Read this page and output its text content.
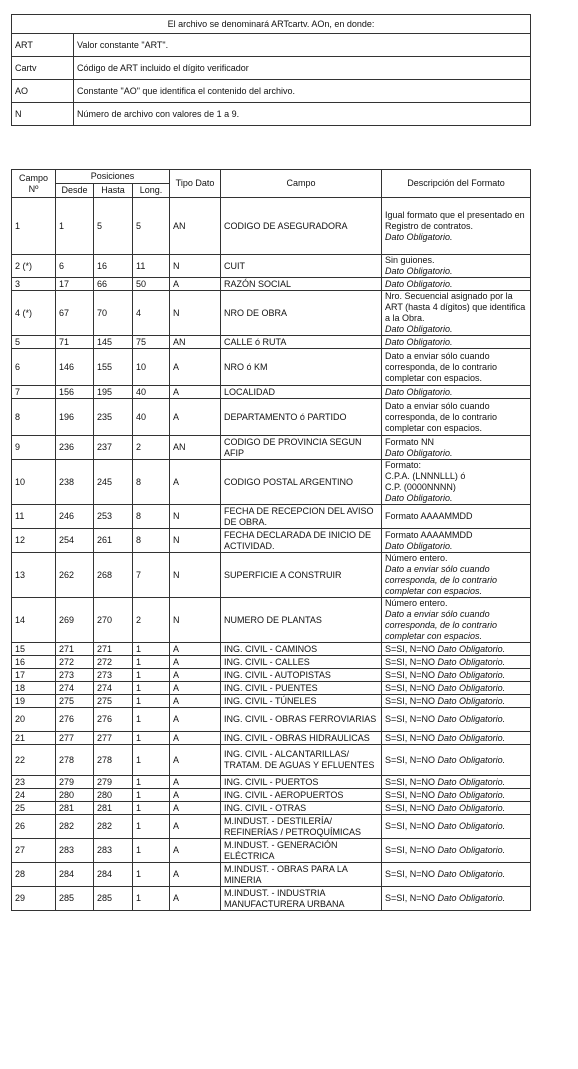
El archivo se denominará ARTcartv. AOn, en donde:	
ART	Valor constante "ART".
Cartv	Código de ART incluido el dígito verificador
AO	Constante "AO" que identifica el contenido del archivo.
N	Número de archivo con valores de 1 a 9.
Campo
Nº	Posiciones			Tipo Dato	Campo	Descripción del Formato
	Desde	Hasta	Long.			
1	1	5	5	AN	CODIGO DE ASEGURADORA	Igual formato que el presentado en Registro de contratos.
Dato Obligatorio.
2 (*)	6	16	11	N	CUIT	Sin guiones.
Dato Obligatorio.
3	17	66	50	A	RAZÓN SOCIAL	Dato Obligatorio.
4 (*)	67	70	4	N	NRO DE OBRA	Nro. Secuencial asignado por la ART (hasta 4 dígitos) que identifica a la Obra.
Dato Obligatorio.
5	71	145	75	AN	CALLE ó RUTA	Dato Obligatorio.
6	146	155	10	A	NRO ó KM	Dato a enviar sólo cuando corresponda, de lo contrario completar con espacios.
7	156	195	40	A	LOCALIDAD	Dato Obligatorio.
8	196	235	40	A	DEPARTAMENTO ó PARTIDO	Dato a enviar sólo cuando corresponda, de lo contrario completar con espacios.
9	236	237	2	AN	CODIGO DE PROVINCIA SEGUN AFIP	Formato NN
Dato Obligatorio.
10	238	245	8	A	CODIGO POSTAL ARGENTINO	Formato:
C.P.A. (LNNNLLL) ó
C.P. (0000NNNN)
Dato Obligatorio.
11	246	253	8	N	FECHA DE RECEPCION DEL AVISO DE OBRA.	Formato AAAAMMDD
12	254	261	8	N	FECHA DECLARADA DE INICIO DE ACTIVIDAD.	Formato AAAAMMDD
Dato Obligatorio.
13	262	268	7	N	SUPERFICIE A CONSTRUIR	Número entero.
Dato a enviar sólo cuando corresponda, de lo contrario completar con espacios.
14	269	270	2	N	NUMERO DE PLANTAS	Número entero.
Dato a enviar sólo cuando corresponda, de lo contrario completar con espacios.
15	271	271	1	A	ING. CIVIL - CAMINOS	S=SI, N=NO Dato Obligatorio.
16	272	272	1	A	ING. CIVIL - CALLES	S=SI, N=NO Dato Obligatorio.
17	273	273	1	A	ING. CIVIL - AUTOPISTAS	S=SI, N=NO Dato Obligatorio.
18	274	274	1	A	ING. CIVIL - PUENTES	S=SI, N=NO Dato Obligatorio.
19	275	275	1	A	ING. CIVIL - TÚNELES	S=SI, N=NO Dato Obligatorio.
20	276	276	1	A	ING. CIVIL - OBRAS FERROVIARIAS	S=SI, N=NO Dato Obligatorio.
21	277	277	1	A	ING. CIVIL - OBRAS HIDRAULICAS	S=SI, N=NO Dato Obligatorio.
22	278	278	1	A	ING. CIVIL - ALCANTARILLAS/ TRATAM. DE AGUAS Y EFLUENTES	S=SI, N=NO Dato Obligatorio.
23	279	279	1	A	ING. CIVIL - PUERTOS	S=SI, N=NO Dato Obligatorio.
24	280	280	1	A	ING. CIVIL - AEROPUERTOS	S=SI, N=NO Dato Obligatorio.
25	281	281	1	A	ING. CIVIL - OTRAS	S=SI, N=NO Dato Obligatorio.
26	282	282	1	A	M.INDUST. - DESTILERÍA/ REFINERÍAS / PETROQUÍMICAS	S=SI, N=NO Dato Obligatorio.
27	283	283	1	A	M.INDUST. - GENERACIÓN ELÉCTRICA	S=SI, N=NO Dato Obligatorio.
28	284	284	1	A	M.INDUST. - OBRAS PARA LA MINERIA	S=SI, N=NO Dato Obligatorio.
29	285	285	1	A	M.INDUST. - INDUSTRIA MANUFACTURERA URBANA	S=SI, N=NO Dato Obligatorio.
